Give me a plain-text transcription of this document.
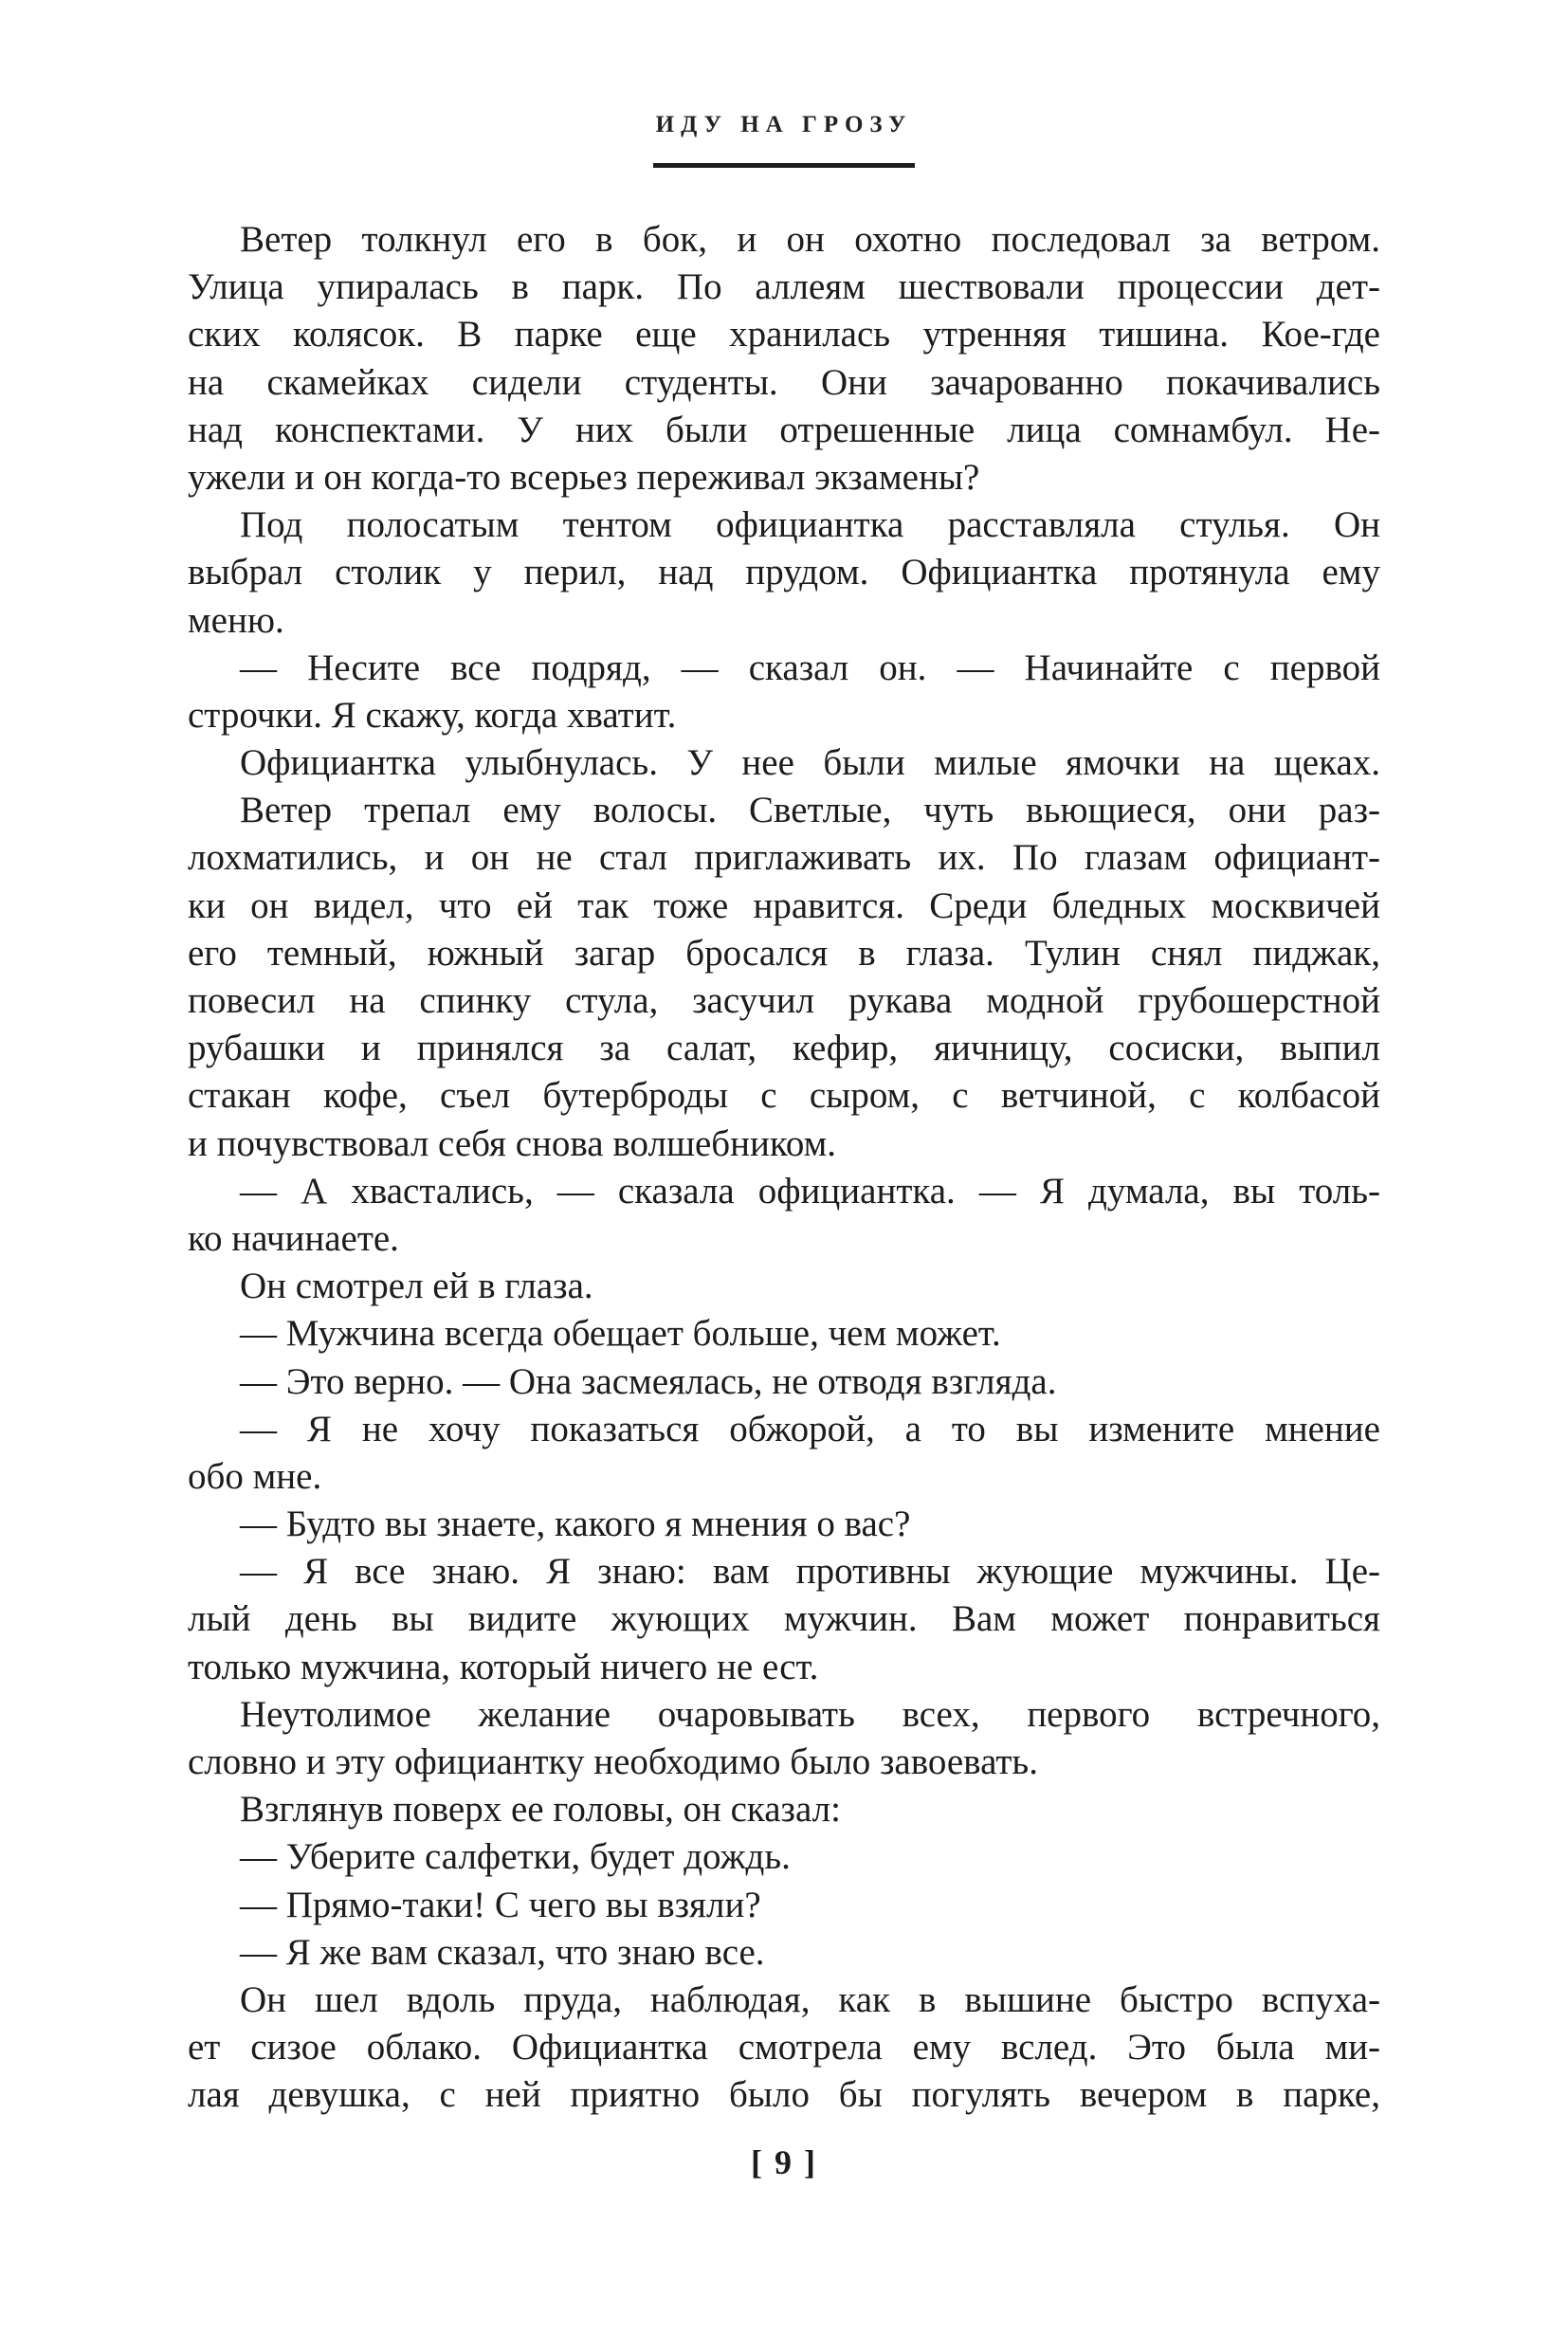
ИДУ НА ГРОЗУ
Ветер толкнул его в бок, и он охотно последовал за ветром.
Улица упиралась в парк. По аллеям шествовали процессии дет-
ских колясок. В парке еще хранилась утренняя тишина. Кое-где
на скамейках сидели студенты. Они зачарованно покачивались
над конспектами. У них были отрешенные лица сомнамбул. Не-
ужели и он когда-то всерьез переживал экзамены?
Под полосатым тентом официантка расставляла стулья. Он
выбрал столик у перил, над прудом. Официантка протянула ему
меню.
— Несите все подряд, — сказал он. — Начинайте с первой
строчки. Я скажу, когда хватит.
Официантка улыбнулась. У нее были милые ямочки на щеках.
Ветер трепал ему волосы. Светлые, чуть вьющиеся, они раз-
лохматились, и он не стал приглаживать их. По глазам официант-
ки он видел, что ей так тоже нравится. Среди бледных москвичей
его темный, южный загар бросался в глаза. Тулин снял пиджак,
повесил на спинку стула, засучил рукава модной грубошерстной
рубашки и принялся за салат, кефир, яичницу, сосиски, выпил
стакан кофе, съел бутерброды с сыром, с ветчиной, с колбасой
и почувствовал себя снова волшебником.
— А хвастались, — сказала официантка. — Я думала, вы толь-
ко начинаете.
Он смотрел ей в глаза.
— Мужчина всегда обещает больше, чем может.
— Это верно. — Она засмеялась, не отводя взгляда.
— Я не хочу показаться обжорой, а то вы измените мнение
обо мне.
— Будто вы знаете, какого я мнения о вас?
— Я все знаю. Я знаю: вам противны жующие мужчины. Це-
лый день вы видите жующих мужчин. Вам может понравиться
только мужчина, который ничего не ест.
Неутолимое желание очаровывать всех, первого встречного,
словно и эту официантку необходимо было завоевать.
Взглянув поверх ее головы, он сказал:
— Уберите салфетки, будет дождь.
— Прямо-таки! С чего вы взяли?
— Я же вам сказал, что знаю все.
Он шел вдоль пруда, наблюдая, как в вышине быстро вспуха-
ет сизое облако. Официантка смотрела ему вслед. Это была ми-
лая девушка, с ней приятно было бы погулять вечером в парке,
[ 9 ]
